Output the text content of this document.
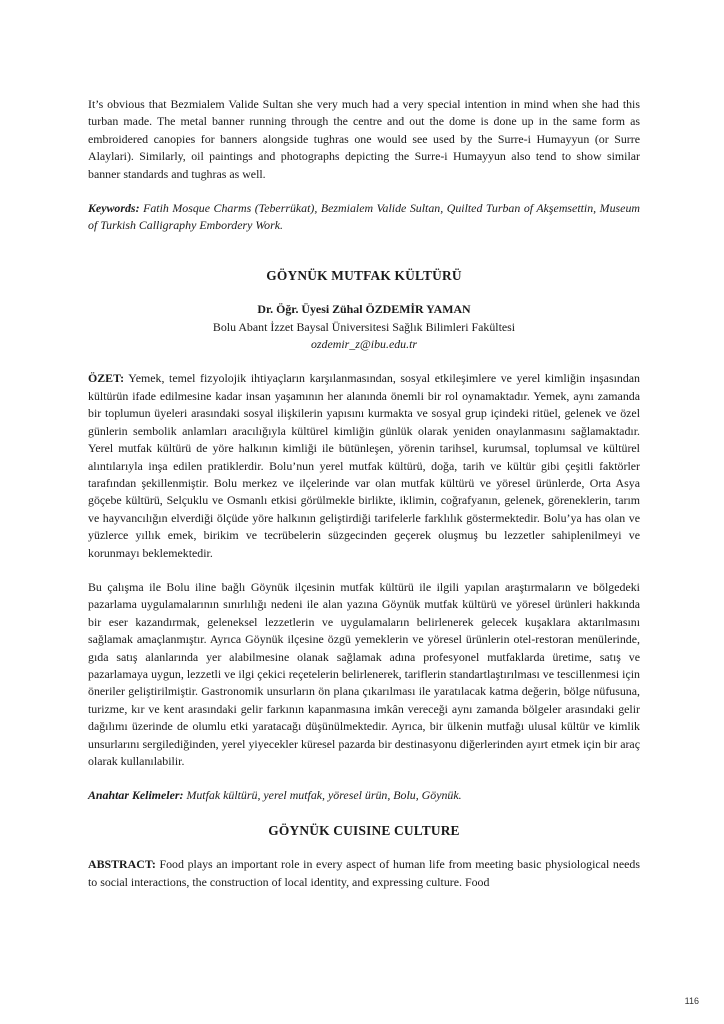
It’s obvious that Bezmialem Valide Sultan she very much had a very special intention in mind when she had this turban made. The metal banner running through the centre and out the dome is done up in the same form as embroidered canopies for banners alongside tughras one would see used by the Surre-i Humayyun (or Surre Alaylari). Similarly, oil paintings and photographs depicting the Surre-i Humayyun also tend to show similar banner standards and tughras as well.

Keywords: Fatih Mosque Charms (Teberrükat), Bezmialem Valide Sultan, Quilted Turban of Akşemsettin, Museum of Turkish Calligraphy Embordery Work.

GÖYNÜK MUTFAK KÜLTÜRÜ

Dr. Öğr. Üyesi Zühal ÖZDEMİR YAMAN

Bolu Abant İzzet Baysal Üniversitesi Sağlık Bilimleri Fakültesi

ozdemir_z@ibu.edu.tr

ÖZET: Yemek, temel fizyolojik ihtiyaçların karşılanmasından, sosyal etkileşimlere ve yerel kimliğin inşasından kültürün ifade edilmesine kadar insan yaşamının her alanında önemli bir rol oynamaktadır. Yemek, aynı zamanda bir toplumun üyeleri arasındaki sosyal ilişkilerin yapısını kurmakta ve sosyal grup içindeki ritüel, gelenek ve özel günlerin sembolik anlamları aracılığıyla kültürel kimliğin günlük olarak yeniden onaylanmasını sağlamaktadır. Yerel mutfak kültürü de yöre halkının kimliği ile bütünleşen, yörenin tarihsel, kurumsal, toplumsal ve kültürel alıntılarıyla inşa edilen pratiklerdir. Bolu’nun yerel mutfak kültürü, doğa, tarih ve kültür gibi çeşitli faktörler tarafından şekillenmiştir. Bolu merkez ve ilçelerinde var olan mutfak kültürü ve yöresel ürünlerde, Orta Asya göçebe kültürü, Selçuklu ve Osmanlı etkisi görülmekle birlikte, iklimin, coğrafyanın, gelenek, göreneklerin, tarım ve hayvancılığın elverdiği ölçüde yöre halkının geliştirdiği tarifelerle farklılık göstermektedir. Bolu’ya has olan ve yüzlerce yıllık emek, birikim ve tecrübelerin süzgecinden geçerek oluşmuş bu lezzetler sahiplenilmeyi ve korunmayı beklemektedir.

Bu çalışma ile Bolu iline bağlı Göynük ilçesinin mutfak kültürü ile ilgili yapılan araştırmaların ve bölgedeki pazarlama uygulamalarının sınırlılığı nedeni ile alan yazına Göynük mutfak kültürü ve yöresel ürünleri hakkında bir eser kazandırmak, geleneksel lezzetlerin ve uygulamaların belirlenerek gelecek kuşaklara aktarılmasını sağlamak amaçlanmıştır. Ayrıca Göynük ilçesine özgü yemeklerin ve yöresel ürünlerin otel-restoran menülerinde, gıda satış alanlarında yer alabilmesine olanak sağlamak adına profesyonel mutfaklarda üretime, satış ve pazarlamaya uygun, lezzetli ve ilgi çekici reçetelerin belirlenerek, tariflerin standartlaştırılması ve tescillenmesi için öneriler geliştirilmiştir. Gastronomik unsurların ön plana çıkarılması ile yaratılacak katma değerin, bölge nüfusuna, turizme, kır ve kent arasındaki gelir farkının kapanmasına imkân vereceği aynı zamanda bölgeler arasındaki gelir dağılımı üzerinde de olumlu etki yaratacağı düşünülmektedir. Ayrıca, bir ülkenin mutfağı ulusal kültür ve kimlik unsurlarını sergilediğinden, yerel yiyecekler küresel pazarda bir destinasyonu diğerlerinden ayırt etmek için bir araç olarak kullanılabilir.

Anahtar Kelimeler: Mutfak kültürü, yerel mutfak, yöresel ürün, Bolu, Göynük.

GÖYNÜK CUISINE CULTURE

ABSTRACT: Food plays an important role in every aspect of human life from meeting basic physiological needs to social interactions, the construction of local identity, and expressing culture. Food

116
